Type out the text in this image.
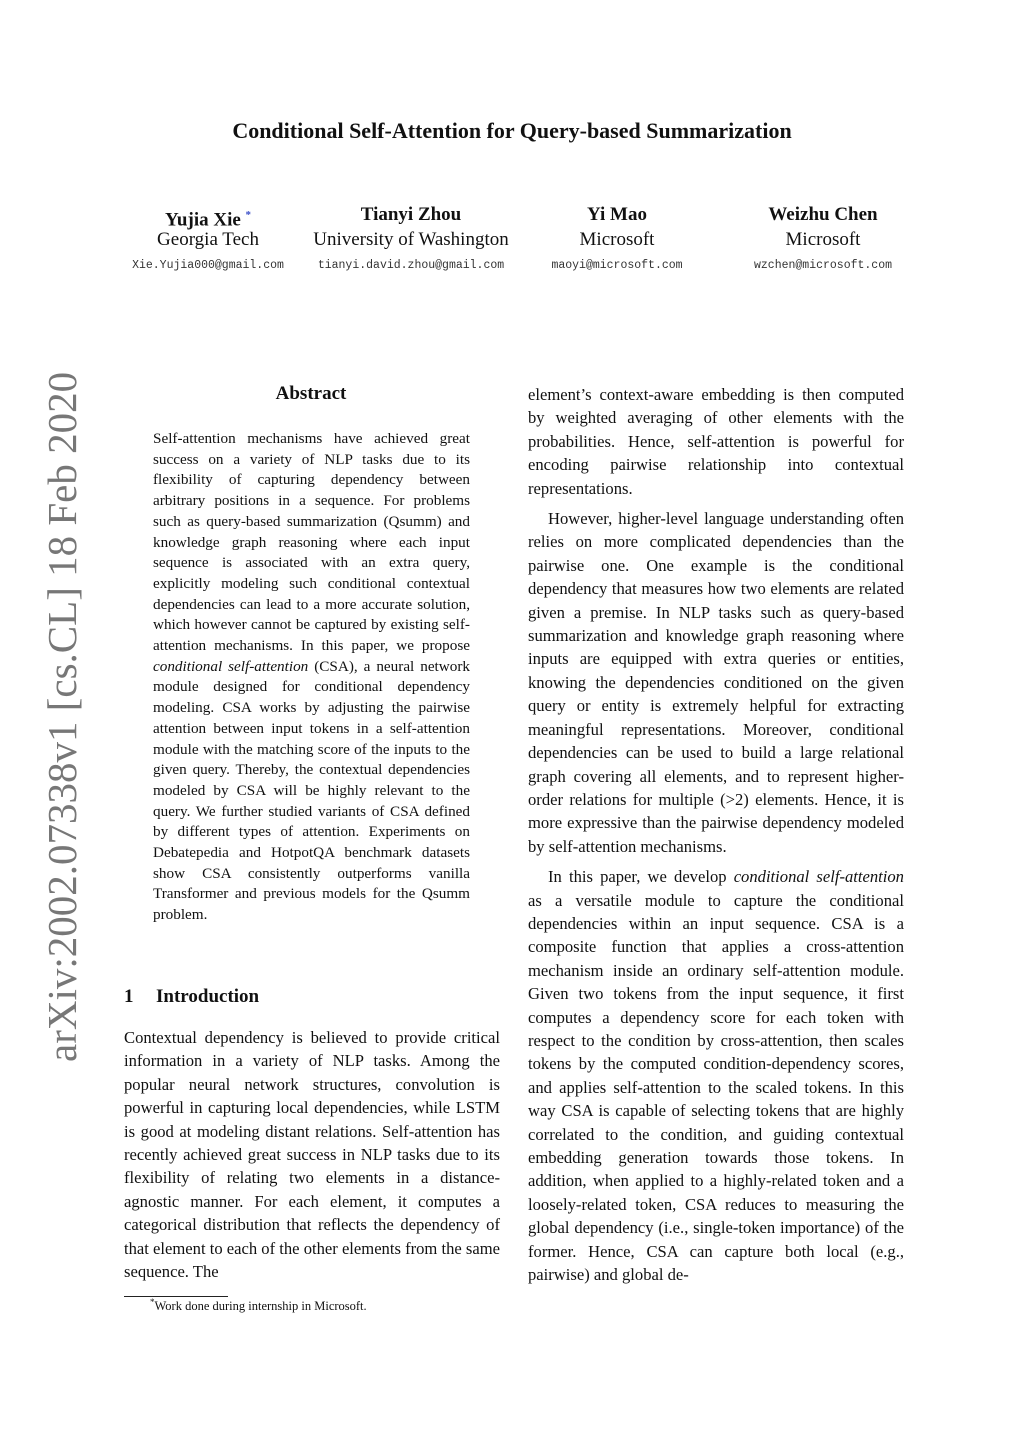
arXiv:2002.07338v1 [cs.CL] 18 Feb 2020
Conditional Self-Attention for Query-based Summarization
Yujia Xie *
Georgia Tech
Xie.Yujia000@gmail.com
Tianyi Zhou
University of Washington
tianyi.david.zhou@gmail.com
Yi Mao
Microsoft
maoyi@microsoft.com
Weizhu Chen
Microsoft
wzchen@microsoft.com
Abstract

Self-attention mechanisms have achieved great success on a variety of NLP tasks due to its flexibility of capturing dependency between arbitrary positions in a sequence. For problems such as query-based summarization (Qsumm) and knowledge graph reasoning where each input sequence is associated with an extra query, explicitly modeling such conditional contextual dependencies can lead to a more accurate solution, which however cannot be captured by existing self-attention mechanisms. In this paper, we propose conditional self-attention (CSA), a neural network module designed for conditional dependency modeling. CSA works by adjusting the pairwise attention between input tokens in a self-attention module with the matching score of the inputs to the given query. Thereby, the contextual dependencies modeled by CSA will be highly relevant to the query. We further studied variants of CSA defined by different types of attention. Experiments on Debatepedia and HotpotQA benchmark datasets show CSA consistently outperforms vanilla Transformer and previous models for the Qsumm problem.

1 Introduction

Contextual dependency is believed to provide critical information in a variety of NLP tasks. Among the popular neural network structures, convolution is powerful in capturing local dependencies, while LSTM is good at modeling distant relations. Self-attention has recently achieved great success in NLP tasks due to its flexibility of relating two elements in a distance-agnostic manner. For each element, it computes a categorical distribution that reflects the dependency of that element to each of the other elements from the same sequence. The

*Work done during internship in Microsoft.

element’s context-aware embedding is then computed by weighted averaging of other elements with the probabilities. Hence, self-attention is powerful for encoding pairwise relationship into contextual representations.

However, higher-level language understanding often relies on more complicated dependencies than the pairwise one. One example is the conditional dependency that measures how two elements are related given a premise. In NLP tasks such as query-based summarization and knowledge graph reasoning where inputs are equipped with extra queries or entities, knowing the dependencies conditioned on the given query or entity is extremely helpful for extracting meaningful representations. Moreover, conditional dependencies can be used to build a large relational graph covering all elements, and to represent higher-order relations for multiple (>2) elements. Hence, it is more expressive than the pairwise dependency modeled by self-attention mechanisms.

In this paper, we develop conditional self-attention as a versatile module to capture the conditional dependencies within an input sequence. CSA is a composite function that applies a cross-attention mechanism inside an ordinary self-attention module. Given two tokens from the input sequence, it first computes a dependency score for each token with respect to the condition by cross-attention, then scales tokens by the computed condition-dependency scores, and applies self-attention to the scaled tokens. In this way CSA is capable of selecting tokens that are highly correlated to the condition, and guiding contextual embedding generation towards those tokens. In addition, when applied to a highly-related token and a loosely-related token, CSA reduces to measuring the global dependency (i.e., single-token importance) of the former. Hence, CSA can capture both local (e.g., pairwise) and global de-
